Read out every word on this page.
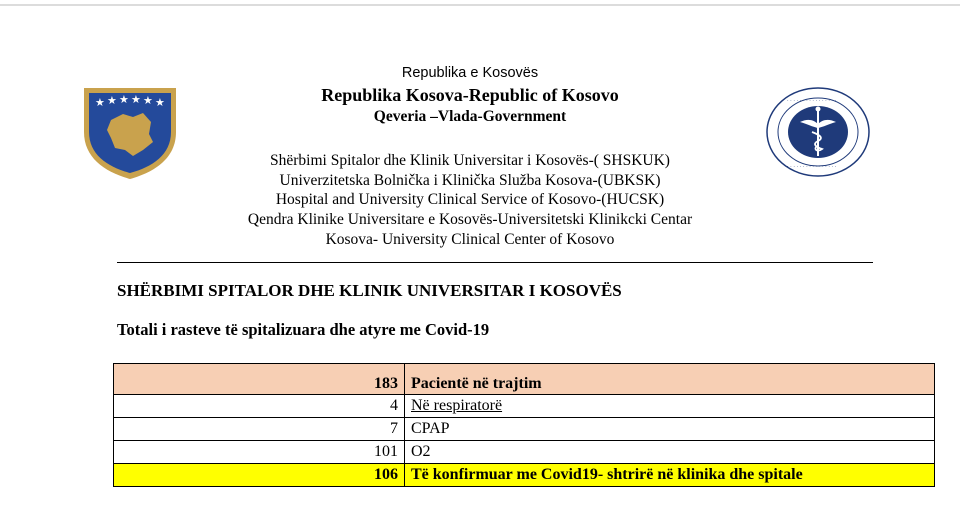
★ ★ ★ ★ ★ ★	· · · · · · · · · · · · · · · ·
· · · · · · · · · · · · · · · ·
Republika e Kosovës
Republika Kosova-Republic of Kosovo
Qeveria –Vlada-Government
Shërbimi Spitalor dhe Klinik Universitar i Kosovës-( SHSKUK)
Univerzitetska Bolnička i Klinička Služba Kosova-(UBKSK)
Hospital and University Clinical Service of Kosovo-(HUCSK)
Qendra Klinike Universitare e Kosovës-Universitetski Klinikcki Centar
Kosova- University Clinical Center of Kosovo
SHËRBIMI SPITALOR DHE KLINIK UNIVERSITAR I KOSOVËS
Totali i rasteve të spitalizuara dhe atyre me Covid-19
183	Pacientë në trajtim
4	Në respiratorë
7	CPAP
101	O2
106	Të konfirmuar me Covid19- shtrirë në klinika dhe spitale
